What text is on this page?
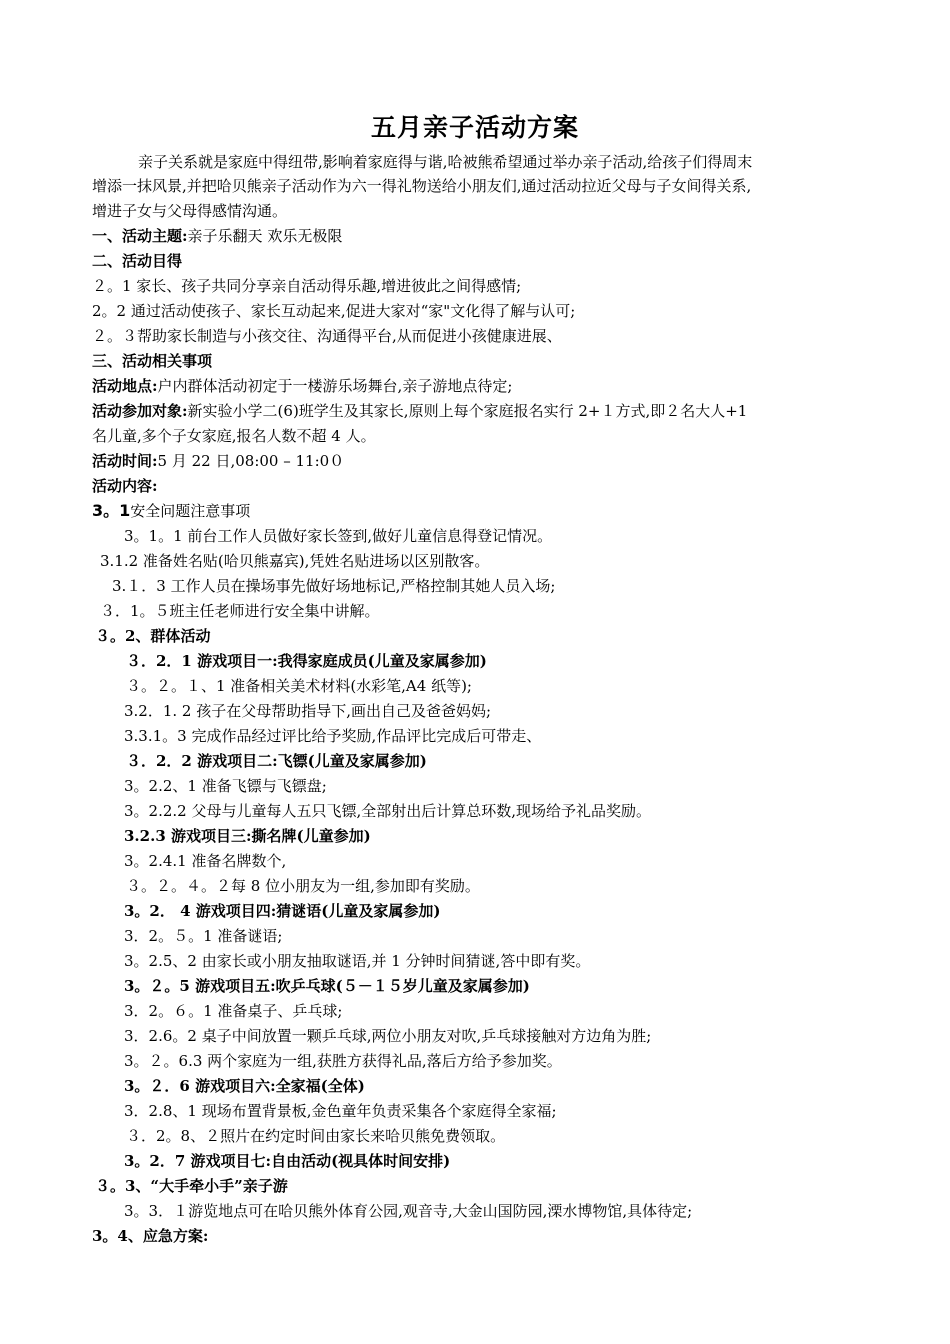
五月亲子活动方案
亲子关系就是家庭中得纽带,影响着家庭得与谐,哈被熊希望通过举办亲子活动,给孩子们得周末
增添一抹风景,并把哈贝熊亲子活动作为六一得礼物送给小朋友们,通过活动拉近父母与子女间得关系,
增进子女与父母得感情沟通。
一、活动主题:亲子乐翻天 欢乐无极限
二、活动目得
２。1 家长、孩子共同分享亲自活动得乐趣,增进彼此之间得感情;
2。2 通过活动使孩子、家长互动起来,促进大家对“家"文化得了解与认可;
２。３帮助家长制造与小孩交往、沟通得平台,从而促进小孩健康进展、
三、活动相关事项
活动地点:户内群体活动初定于一楼游乐场舞台,亲子游地点待定;
活动参加对象:新实验小学二(6)班学生及其家长,原则上每个家庭报名实行 2+１方式,即２名大人+1
名儿童,多个子女家庭,报名人数不超 4 人。
活动时间:5 月 22 日,08:00 – 11:0０
活动内容:
3。1安全问题注意事项
3。1。1 前台工作人员做好家长签到,做好儿童信息得登记情况。
3.1.2 准备姓名贴(哈贝熊嘉宾),凭姓名贴进场以区别散客。
3.１．3 工作人员在操场事先做好场地标记,严格控制其她人员入场;
３．1。５班主任老师进行安全集中讲解。
３。2、群体活动
３．2．1 游戏项目一:我得家庭成员(儿童及家属参加)
３。２。１、1 准备相关美术材料(水彩笔,A4 纸等);
3.2．1. 2 孩子在父母帮助指导下,画出自己及爸爸妈妈;
3.3.1。3 完成作品经过评比给予奖励,作品评比完成后可带走、
３．2．2 游戏项目二:飞镖(儿童及家属参加)
3。2.2、1 准备飞镖与飞镖盘;
3。2.2.2 父母与儿童每人五只飞镖,全部射出后计算总环数,现场给予礼品奖励。
3.2.3 游戏项目三:撕名牌(儿童参加)
3。2.4.1 准备名牌数个,
３。２。４。２每 8 位小朋友为一组,参加即有奖励。
3。2． 4 游戏项目四:猜谜语(儿童及家属参加)
3．2。５。1 准备谜语;
3。2.5、2 由家长或小朋友抽取谜语,并 1 分钟时间猜谜,答中即有奖。
3。２。5 游戏项目五:吹乒乓球(５－１５岁儿童及家属参加)
3．2。６。1 准备桌子、乒乓球;
3．2.6。2 桌子中间放置一颗乒乓球,两位小朋友对吹,乒乓球接触对方边角为胜;
3。２。6.3 两个家庭为一组,获胜方获得礼品,落后方给予参加奖。
3。２．6 游戏项目六:全家福(全体)
3．2.8、1 现场布置背景板,金色童年负责采集各个家庭得全家福;
３．2。8、２照片在约定时间由家长来哈贝熊免费领取。
3。2．7 游戏项目七:自由活动(视具体时间安排)
３。3、“大手牵小手”亲子游
3。3．１游览地点可在哈贝熊外体育公园,观音寺,大金山国防园,溧水博物馆,具体待定;
3。4、应急方案:
